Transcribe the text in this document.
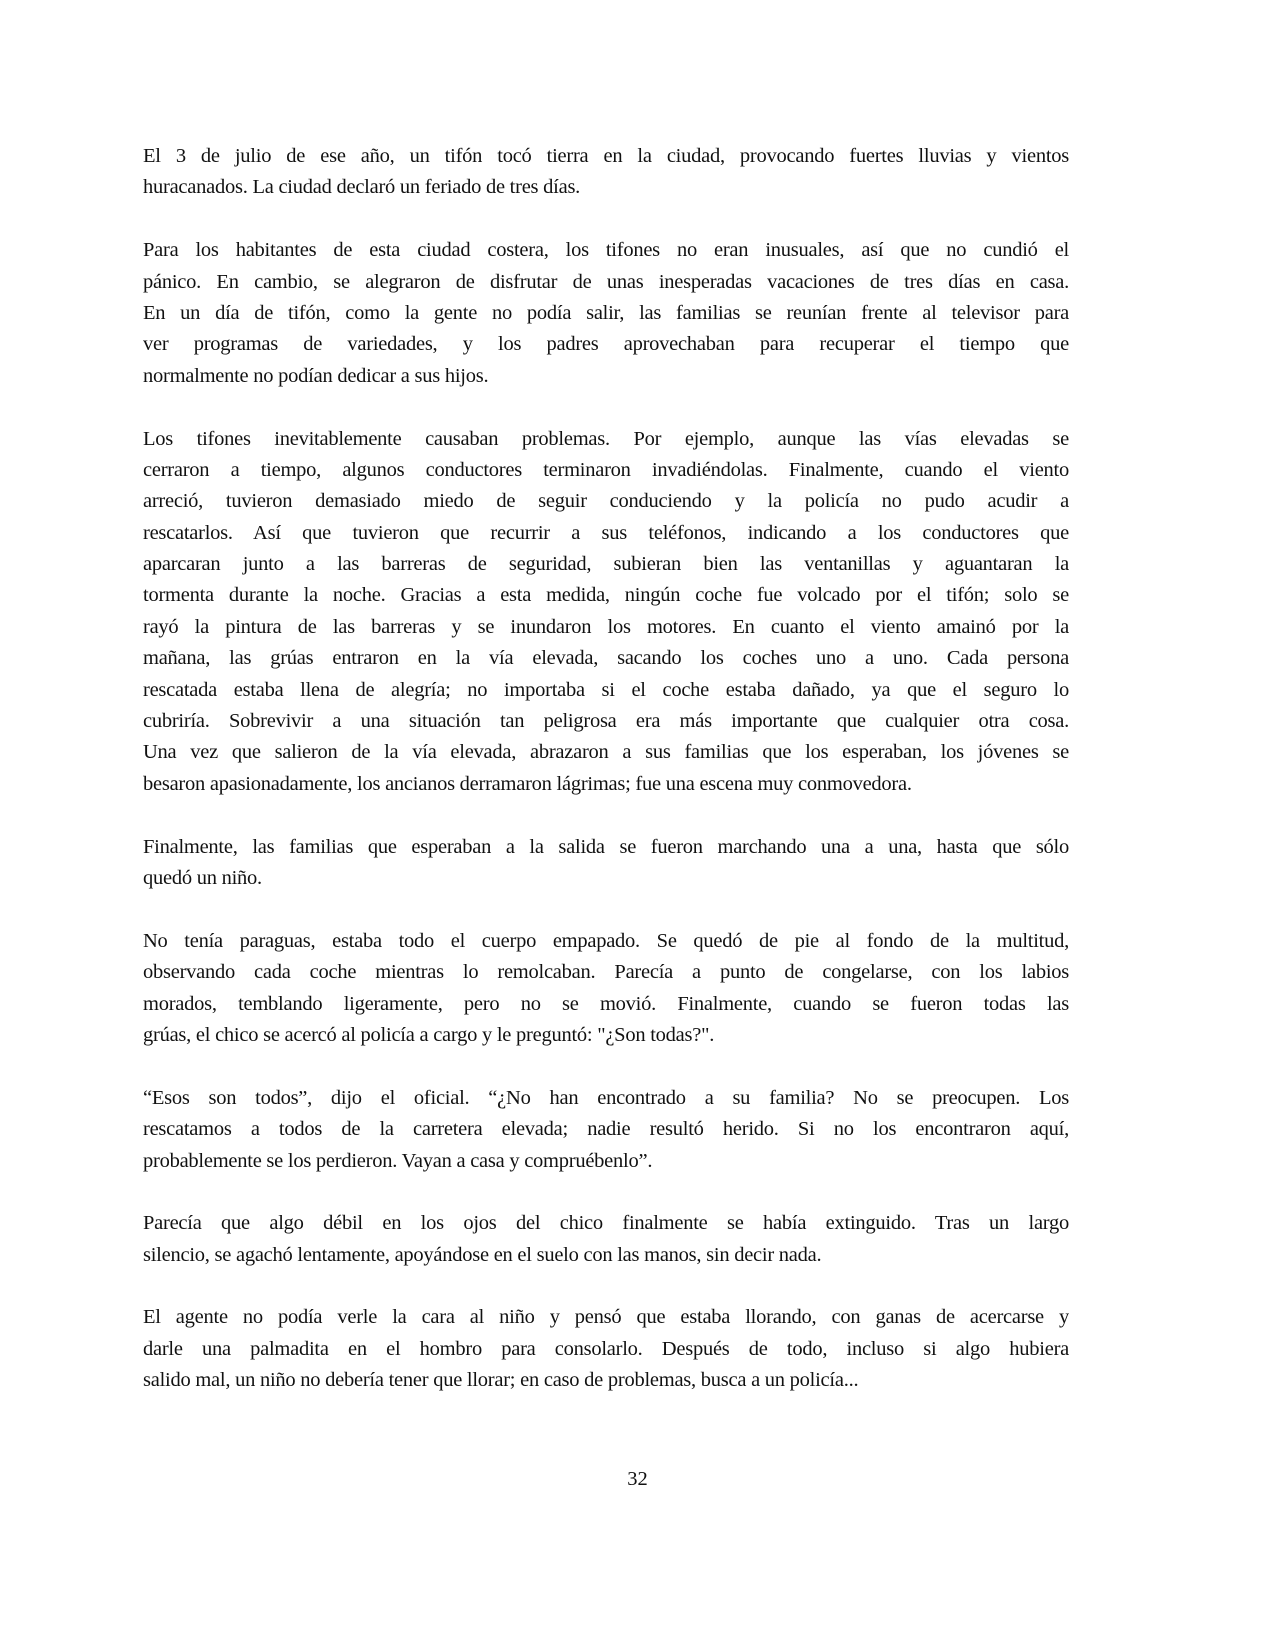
El 3 de julio de ese año, un tifón tocó tierra en la ciudad, provocando fuertes lluvias y vientos
huracanados. La ciudad declaró un feriado de tres días.
Para los habitantes de esta ciudad costera, los tifones no eran inusuales, así que no cundió el
pánico. En cambio, se alegraron de disfrutar de unas inesperadas vacaciones de tres días en casa.
En un día de tifón, como la gente no podía salir, las familias se reunían frente al televisor para
ver programas de variedades, y los padres aprovechaban para recuperar el tiempo que
normalmente no podían dedicar a sus hijos.
Los tifones inevitablemente causaban problemas. Por ejemplo, aunque las vías elevadas se
cerraron a tiempo, algunos conductores terminaron invadiéndolas. Finalmente, cuando el viento
arreció, tuvieron demasiado miedo de seguir conduciendo y la policía no pudo acudir a
rescatarlos. Así que tuvieron que recurrir a sus teléfonos, indicando a los conductores que
aparcaran junto a las barreras de seguridad, subieran bien las ventanillas y aguantaran la
tormenta durante la noche. Gracias a esta medida, ningún coche fue volcado por el tifón; solo se
rayó la pintura de las barreras y se inundaron los motores. En cuanto el viento amainó por la
mañana, las grúas entraron en la vía elevada, sacando los coches uno a uno. Cada persona
rescatada estaba llena de alegría; no importaba si el coche estaba dañado, ya que el seguro lo
cubriría. Sobrevivir a una situación tan peligrosa era más importante que cualquier otra cosa.
Una vez que salieron de la vía elevada, abrazaron a sus familias que los esperaban, los jóvenes se
besaron apasionadamente, los ancianos derramaron lágrimas; fue una escena muy conmovedora.
Finalmente, las familias que esperaban a la salida se fueron marchando una a una, hasta que sólo
quedó un niño.
No tenía paraguas, estaba todo el cuerpo empapado. Se quedó de pie al fondo de la multitud,
observando cada coche mientras lo remolcaban. Parecía a punto de congelarse, con los labios
morados, temblando ligeramente, pero no se movió. Finalmente, cuando se fueron todas las
grúas, el chico se acercó al policía a cargo y le preguntó: "¿Son todas?".
“Esos son todos”, dijo el oficial. “¿No han encontrado a su familia? No se preocupen. Los
rescatamos a todos de la carretera elevada; nadie resultó herido. Si no los encontraron aquí,
probablemente se los perdieron. Vayan a casa y compruébenlo”.
Parecía que algo débil en los ojos del chico finalmente se había extinguido. Tras un largo
silencio, se agachó lentamente, apoyándose en el suelo con las manos, sin decir nada.
El agente no podía verle la cara al niño y pensó que estaba llorando, con ganas de acercarse y
darle una palmadita en el hombro para consolarlo. Después de todo, incluso si algo hubiera
salido mal, un niño no debería tener que llorar; en caso de problemas, busca a un policía...
32
